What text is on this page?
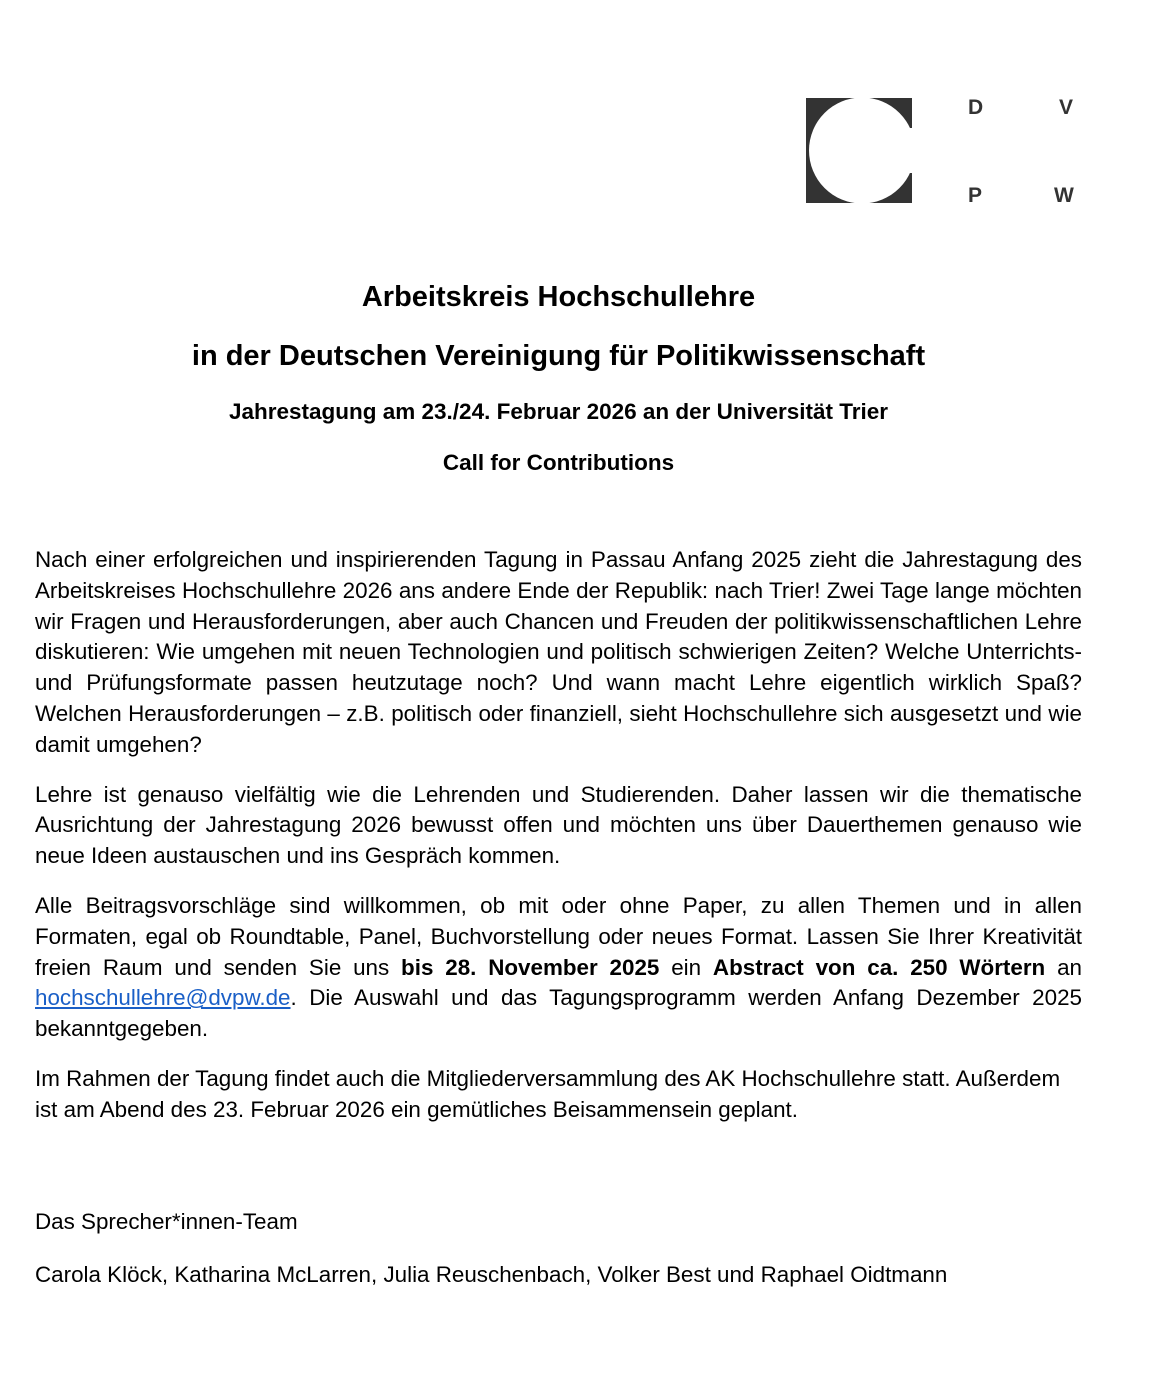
D	V
P	W
Arbeitskreis Hochschullehre
in der Deutschen Vereinigung für Politikwissenschaft
Jahrestagung am 23./24. Februar 2026 an der Universität Trier
Call for Contributions

Nach einer erfolgreichen und inspirierenden Tagung in Passau Anfang 2025 zieht die Jahrestagung des Arbeitskreises Hochschullehre 2026 ans andere Ende der Republik: nach Trier! Zwei Tage lange möchten wir Fragen und Herausforderungen, aber auch Chancen und Freuden der politikwissenschaftlichen Lehre diskutieren: Wie umgehen mit neuen Technologien und politisch schwierigen Zeiten? Welche Unterrichts- und Prüfungsformate passen heutzutage noch? Und wann macht Lehre eigentlich wirklich Spaß? Welchen Herausforderungen – z.B. politisch oder finanziell, sieht Hochschullehre sich ausgesetzt und wie damit umgehen?

Lehre ist genauso vielfältig wie die Lehrenden und Studierenden. Daher lassen wir die thematische Ausrichtung der Jahrestagung 2026 bewusst offen und möchten uns über Dauerthemen genauso wie neue Ideen austauschen und ins Gespräch kommen.

Alle Beitragsvorschläge sind willkommen, ob mit oder ohne Paper, zu allen Themen und in allen Formaten, egal ob Roundtable, Panel, Buchvorstellung oder neues Format. Lassen Sie Ihrer Kreativität freien Raum und senden Sie uns bis 28. November 2025 ein Abstract von ca. 250 Wörtern an hochschullehre@dvpw.de. Die Auswahl und das Tagungsprogramm werden Anfang Dezember 2025 bekanntgegeben.

Im Rahmen der Tagung findet auch die Mitgliederversammlung des AK Hochschullehre statt. Außerdem ist am Abend des 23. Februar 2026 ein gemütliches Beisammensein geplant.

Das Sprecher*innen-Team

Carola Klöck, Katharina McLarren, Julia Reuschenbach, Volker Best und Raphael Oidtmann
